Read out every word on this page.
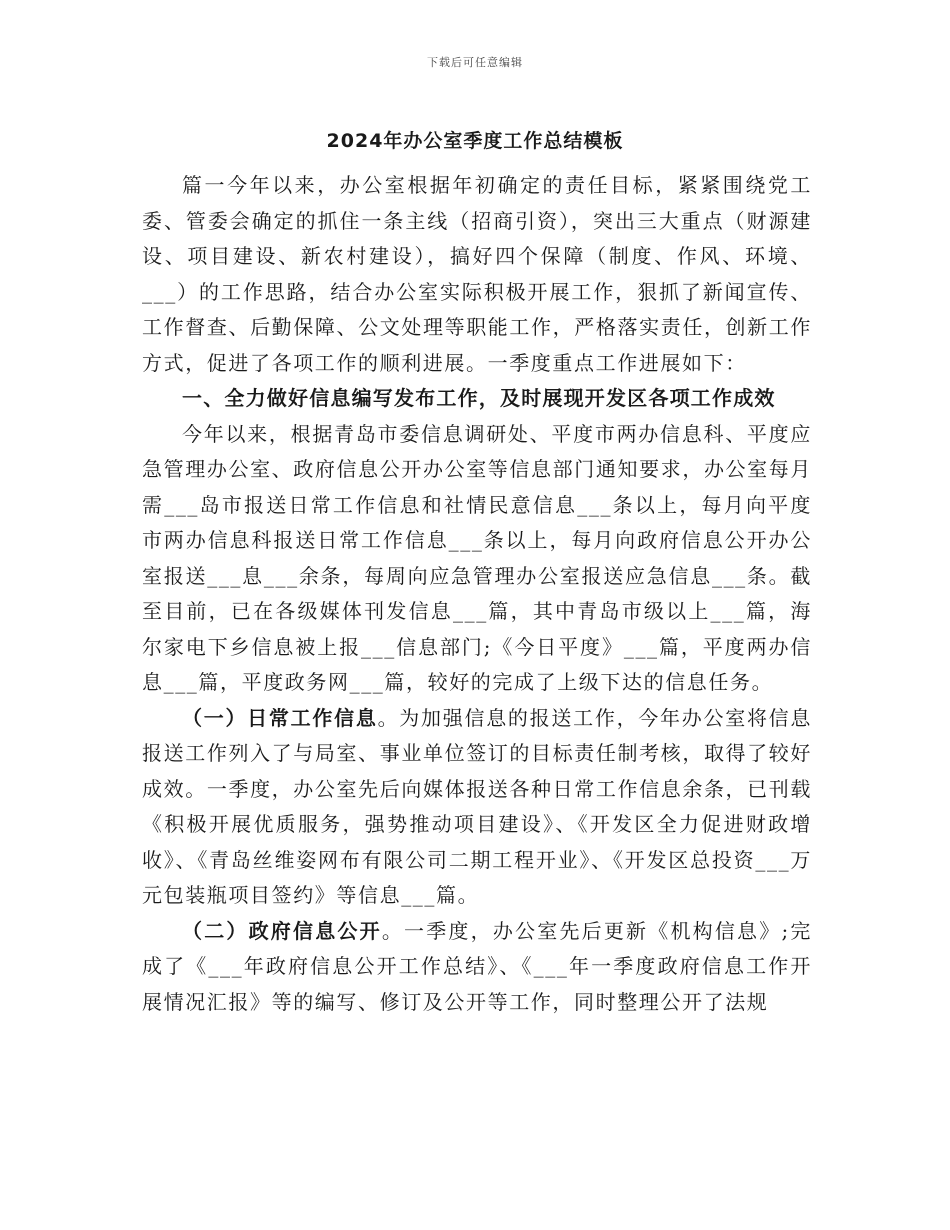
下载后可任意编辑
2024年办公室季度工作总结模板

篇一今年以来，办公室根据年初确定的责任目标，紧紧围绕党工委、管委会确定的抓住一条主线（招商引资），突出三大重点（财源建设、项目建设、新农村建设），搞好四个保障（制度、作风、环境、___）的工作思路，结合办公室实际积极开展工作，狠抓了新闻宣传、工作督查、后勤保障、公文处理等职能工作，严格落实责任，创新工作方式，促进了各项工作的顺利进展。一季度重点工作进展如下：

一、全力做好信息编写发布工作，及时展现开发区各项工作成效

今年以来，根据青岛市委信息调研处、平度市两办信息科、平度应急管理办公室、政府信息公开办公室等信息部门通知要求，办公室每月需___岛市报送日常工作信息和社情民意信息___条以上，每月向平度市两办信息科报送日常工作信息___条以上，每月向政府信息公开办公室报送___息___余条，每周向应急管理办公室报送应急信息___条。截至目前，已在各级媒体刊发信息___篇，其中青岛市级以上___篇，海尔家电下乡信息被上报___信息部门;《今日平度》___篇，平度两办信息___篇，平度政务网___篇，较好的完成了上级下达的信息任务。

（一）日常工作信息。为加强信息的报送工作，今年办公室将信息报送工作列入了与局室、事业单位签订的目标责任制考核，取得了较好成效。一季度，办公室先后向媒体报送各种日常工作信息余条，已刊载《积极开展优质服务，强势推动项目建设》、《开发区全力促进财政增收》、《青岛丝维姿网布有限公司二期工程开业》、《开发区总投资___万元包装瓶项目签约》等信息___篇。

（二）政府信息公开。一季度，办公室先后更新《机构信息》;完成了《___年政府信息公开工作总结》、《___年一季度政府信息工作开展情况汇报》等的编写、修订及公开等工作，同时整理公开了法规
